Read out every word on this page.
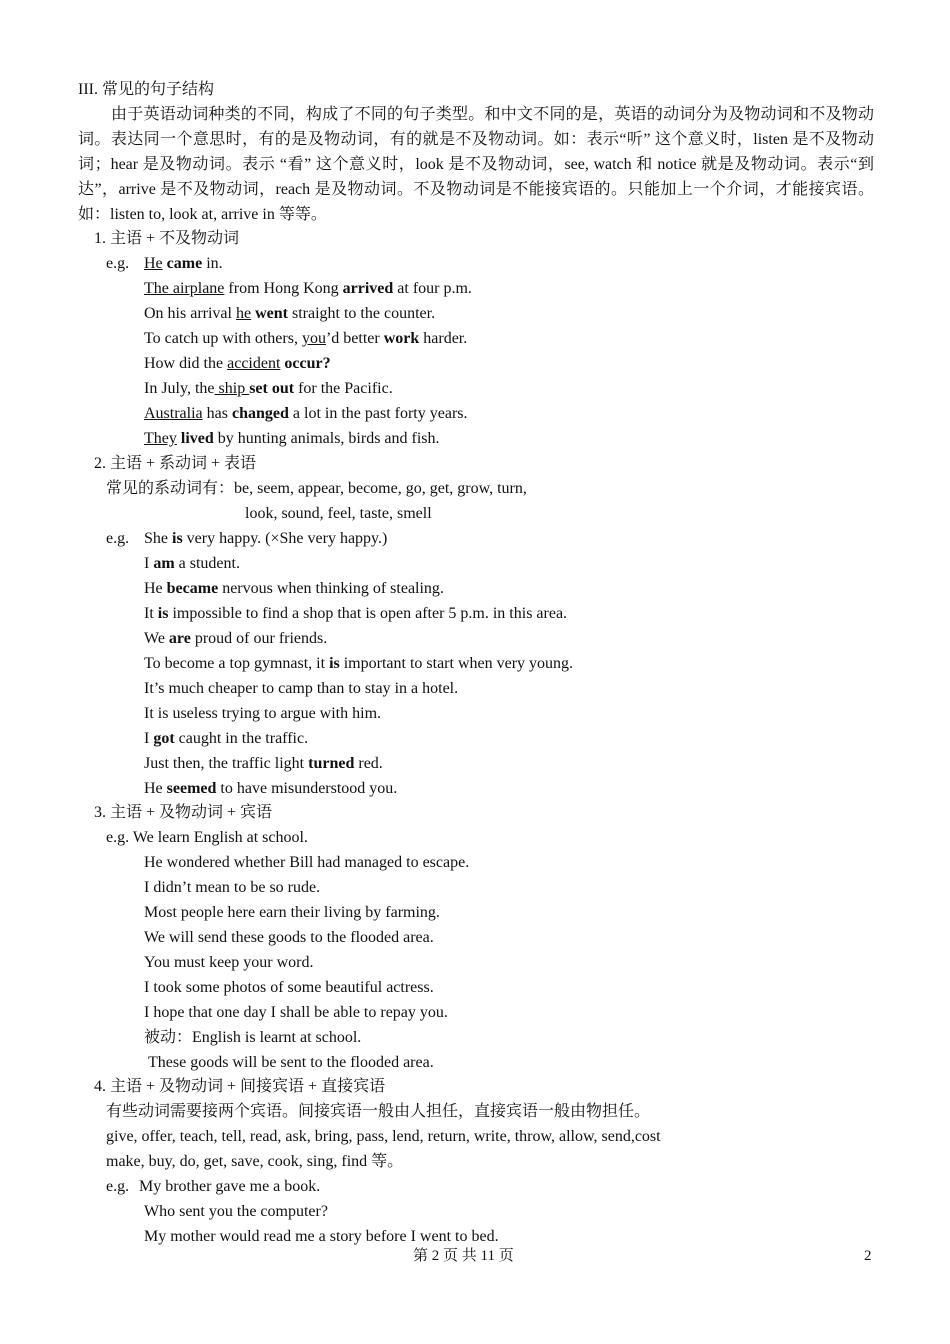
III. 常见的句子结构
由于英语动词种类的不同，构成了不同的句子类型。和中文不同的是，英语的动词分为及物动词和不及物动词。表达同一个意思时，有的是及物动词，有的就是不及物动词。如：表示“听” 这个意义时，listen 是不及物动词；hear 是及物动词。表示 “看” 这个意义时，look 是不及物动词，see, watch 和 notice 就是及物动词。表示“到达”，arrive 是不及物动词，reach 是及物动词。不及物动词是不能接宾语的。只能加上一个介词，才能接宾语。如：listen to, look at, arrive in 等等。
1. 主语 + 不及物动词
e.g. He came in.
The airplane from Hong Kong arrived at four p.m.
On his arrival he went straight to the counter.
To catch up with others, you’d better work harder.
How did the accident occur?
In July, the ship set out for the Pacific.
Australia has changed a lot in the past forty years.
They lived by hunting animals, birds and fish.
2. 主语 + 系动词 + 表语
常见的系动词有：be, seem, appear, become, go, get, grow, turn,
look, sound, feel, taste, smell
e.g. She is very happy. (×She very happy.)
I am a student.
He became nervous when thinking of stealing.
It is impossible to find a shop that is open after 5 p.m. in this area.
We are proud of our friends.
To become a top gymnast, it is important to start when very young.
It’s much cheaper to camp than to stay in a hotel.
It is useless trying to argue with him.
I got caught in the traffic.
Just then, the traffic light turned red.
He seemed to have misunderstood you.
3. 主语 + 及物动词 + 宾语
e.g. We learn English at school.
He wondered whether Bill had managed to escape.
I didn’t mean to be so rude.
Most people here earn their living by farming.
We will send these goods to the flooded area.
You must keep your word.
I took some photos of some beautiful actress.
I hope that one day I shall be able to repay you.
被动：English is learnt at school.
These goods will be sent to the flooded area.
4. 主语 + 及物动词 + 间接宾语 + 直接宾语
有些动词需要接两个宾语。间接宾语一般由人担任，直接宾语一般由物担任。
give, offer, teach, tell, read, ask, bring, pass, lend, return, write, throw, allow, send,cost
make, buy, do, get, save, cook, sing, find 等。
e.g. My brother gave me a book.
Who sent you the computer?
My mother would read me a story before I went to bed.
第 2 页 共 11 页	2
